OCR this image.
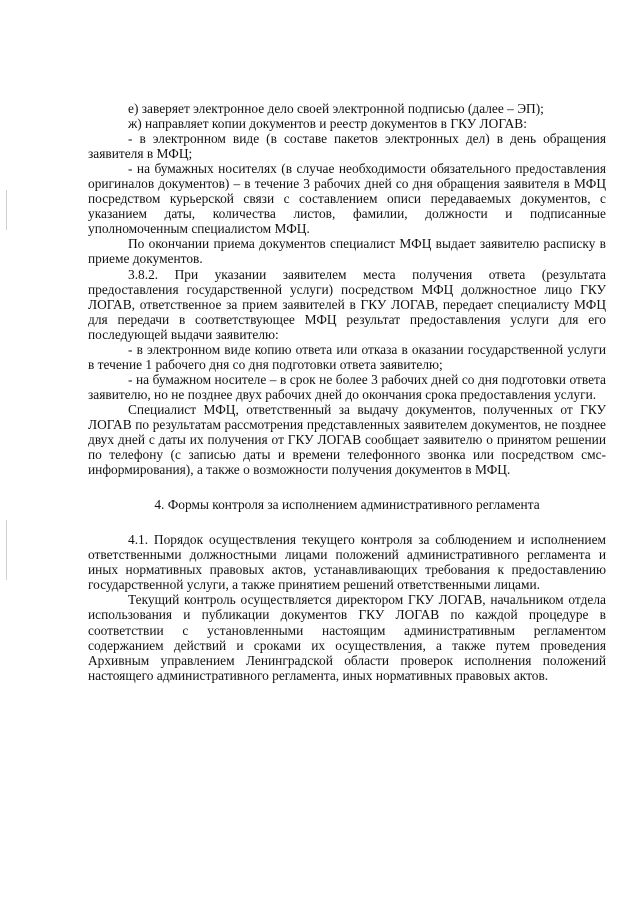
е) заверяет электронное дело своей электронной подписью (далее – ЭП);

ж) направляет копии документов и реестр документов в ГКУ ЛОГАВ:

- в электронном виде (в составе пакетов электронных дел) в день обращения заявителя в МФЦ;

- на бумажных носителях (в случае необходимости обязательного предоставления оригиналов документов) – в течение 3 рабочих дней со дня обращения заявителя в МФЦ посредством курьерской связи с составлением описи передаваемых документов, с указанием даты, количества листов, фамилии, должности и подписанные уполномоченным специалистом МФЦ.

По окончании приема документов специалист МФЦ выдает заявителю расписку в приеме документов.

3.8.2. При указании заявителем места получения ответа (результата предоставления государственной услуги) посредством МФЦ должностное лицо ГКУ ЛОГАВ, ответственное за прием заявителей в ГКУ ЛОГАВ, передает специалисту МФЦ для передачи в соответствующее МФЦ результат предоставления услуги для его последующей выдачи заявителю:

- в электронном виде копию ответа или отказа в оказании государственной услуги в течение 1 рабочего дня со дня подготовки ответа заявителю;

- на бумажном носителе – в срок не более 3 рабочих дней со дня подготовки ответа заявителю, но не позднее двух рабочих дней до окончания срока предоставления услуги.

Специалист МФЦ, ответственный за выдачу документов, полученных от ГКУ ЛОГАВ по результатам рассмотрения представленных заявителем документов, не позднее двух дней с даты их получения от ГКУ ЛОГАВ сообщает заявителю о принятом решении по телефону (с записью даты и времени телефонного звонка или посредством смс-информирования), а также о возможности получения документов в МФЦ.

4. Формы контроля за исполнением административного регламента

4.1. Порядок осуществления текущего контроля за соблюдением и исполнением ответственными должностными лицами положений административного регламента и иных нормативных правовых актов, устанавливающих требования к предоставлению государственной услуги, а также принятием решений ответственными лицами.

Текущий контроль осуществляется директором ГКУ ЛОГАВ, начальником отдела использования и публикации документов ГКУ ЛОГАВ по каждой процедуре в соответствии с установленными настоящим административным регламентом содержанием действий и сроками их осуществления, а также путем проведения Архивным управлением Ленинградской области проверок исполнения положений настоящего административного регламента, иных нормативных правовых актов.
